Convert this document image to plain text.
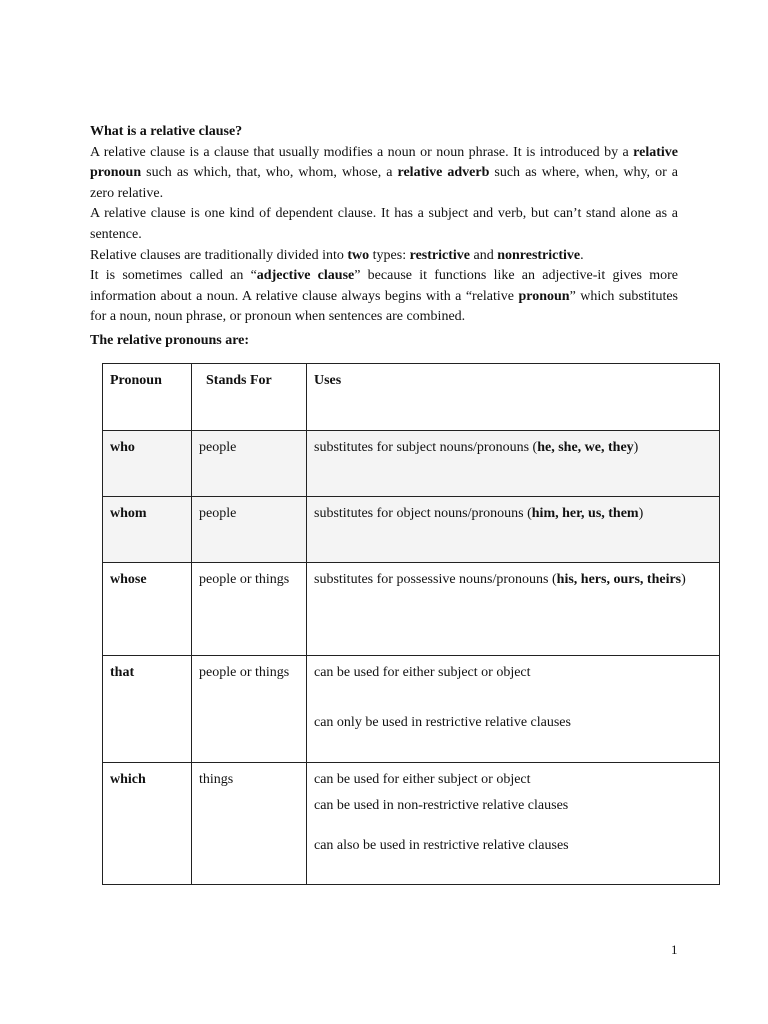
What is a relative clause?

A relative clause is a clause that usually modifies a noun or noun phrase. It is introduced by a relative pronoun such as which, that, who, whom, whose, a relative adverb such as where, when, why, or a zero relative.

A relative clause is one kind of dependent clause. It has a subject and verb, but can’t stand alone as a sentence.

Relative clauses are traditionally divided into two types: restrictive and nonrestrictive.

It is sometimes called an “adjective clause” because it functions like an adjective-it gives more information about a noun. A relative clause always begins with a “relative pronoun” which substitutes for a noun, noun phrase, or pronoun when sentences are combined.

The relative pronouns are:

Pronoun	Stands For	Uses
who	people	substitutes for subject nouns/pronouns (he, she, we, they)
whom	people	substitutes for object nouns/pronouns (him, her, us, them)
whose	people or things	substitutes for possessive nouns/pronouns (his, hers, ours, theirs)
that	people or things	can be used for either subject or object
can only be used in restrictive relative clauses

which	things	can be used for either subject or object
can be used in non-restrictive relative clauses
can also be used in restrictive relative clauses
1
